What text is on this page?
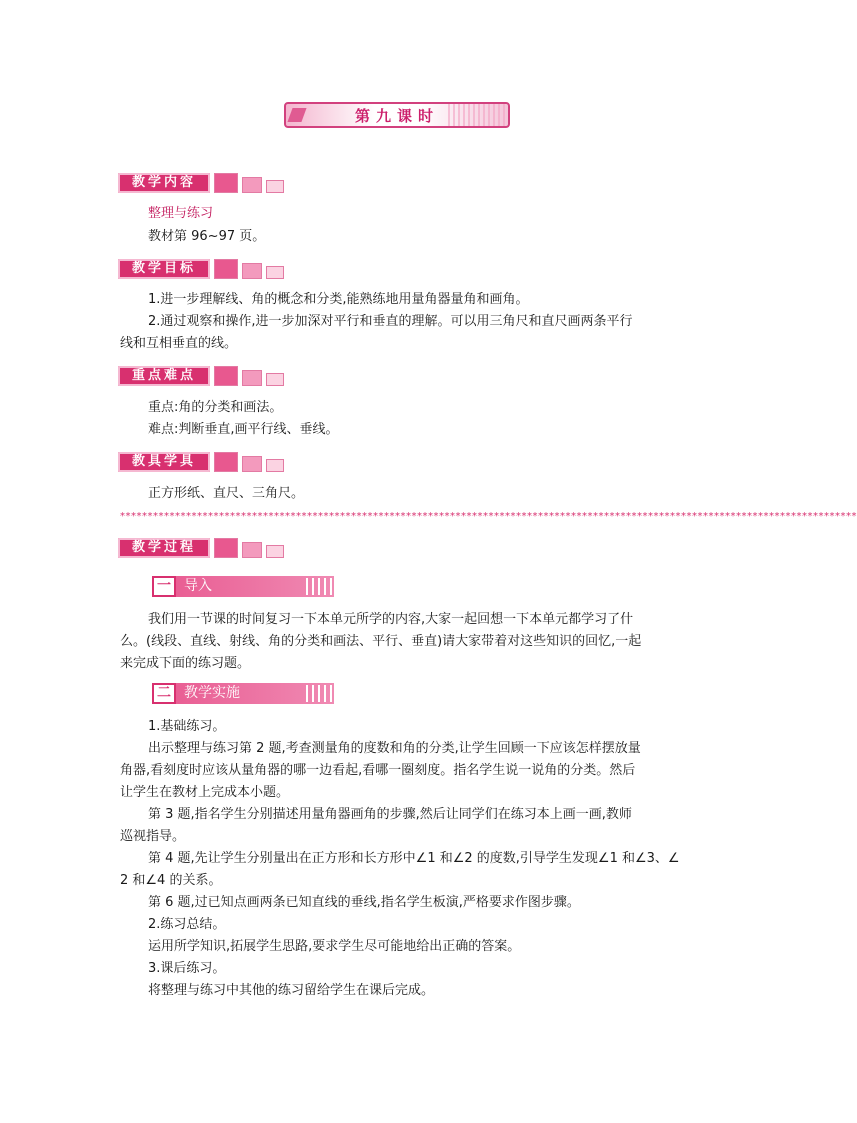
第九课时
教学内容
整理与练习
教材第 96~97 页。
教学目标
1.进一步理解线、角的概念和分类,能熟练地用量角器量角和画角。
2.通过观察和操作,进一步加深对平行和垂直的理解。可以用三角尺和直尺画两条平行
线和互相垂直的线。
重点难点
重点:角的分类和画法。
难点:判断垂直,画平行线、垂线。
教具学具
正方形纸、直尺、三角尺。
**************************************************************************************************************************************
教学过程
一 导入
我们用一节课的时间复习一下本单元所学的内容,大家一起回想一下本单元都学习了什
么。(线段、直线、射线、角的分类和画法、平行、垂直)请大家带着对这些知识的回忆,一起
来完成下面的练习题。
二 教学实施
1.基础练习。
出示整理与练习第 2 题,考查测量角的度数和角的分类,让学生回顾一下应该怎样摆放量
角器,看刻度时应该从量角器的哪一边看起,看哪一圈刻度。指名学生说一说角的分类。然后
让学生在教材上完成本小题。
第 3 题,指名学生分别描述用量角器画角的步骤,然后让同学们在练习本上画一画,教师
巡视指导。
第 4 题,先让学生分别量出在正方形和长方形中∠1 和∠2 的度数,引导学生发现∠1 和∠3、∠
2 和∠4 的关系。
第 6 题,过已知点画两条已知直线的垂线,指名学生板演,严格要求作图步骤。
2.练习总结。
运用所学知识,拓展学生思路,要求学生尽可能地给出正确的答案。
3.课后练习。
将整理与练习中其他的练习留给学生在课后完成。
